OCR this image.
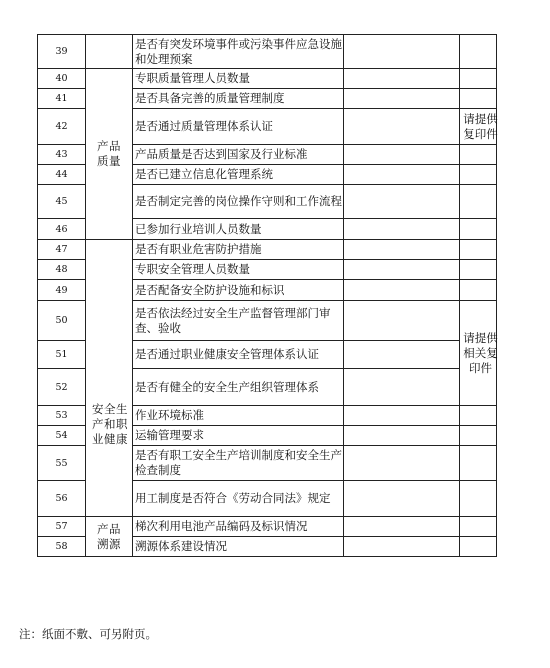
39		是否有突发环境事件或污染事件应急设施和处理预案		
40	产品质量	专职质量管理人员数量		
41		是否具备完善的质量管理制度		
42		是否通过质量管理体系认证		请提供复印件

43		产品质量是否达到国家及行业标准		
44		是否已建立信息化管理系统		
45		是否制定完善的岗位操作守则和工作流程		
46		已参加行业培训人员数量		
47	安全生产和职业健康	是否有职业危害防护措施		
48		专职安全管理人员数量		
49		是否配备安全防护设施和标识		
50		是否依法经过安全生产监督管理部门审查、验收		请提供相关复印件

51		是否通过职业健康安全管理体系认证		
52		是否有健全的安全生产组织管理体系		
53		作业环境标准		
54		运输管理要求		
55		是否有职工安全生产培训制度和安全生产检查制度		
56		用工制度是否符合《劳动合同法》规定		
57	产品溯源	梯次利用电池产品编码及标识情况		
58		溯源体系建设情况		
注：纸面不敷、可另附页。
